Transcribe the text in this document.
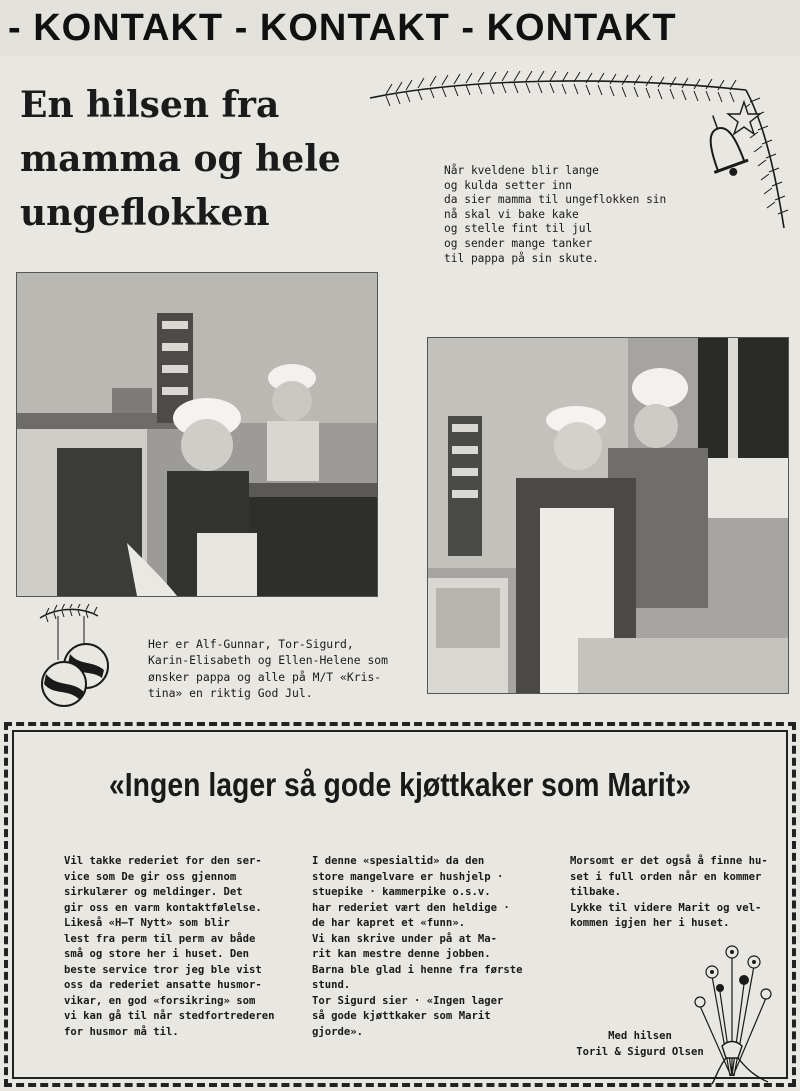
- KONTAKT - KONTAKT - KONTAKT
En hilsen fra
mamma og hele
ungeflokken
Når kveldene blir lange
og kulda setter inn
da sier mamma til ungeflokken sin
nå skal vi bake kake
og stelle fint til jul
og sender mange tanker
til pappa på sin skute.
Her er Alf-Gunnar, Tor-Sigurd,
Karin-Elisabeth og Ellen-Helene som
ønsker pappa og alle på M/T «Kris-
tina» en riktig God Jul.
«Ingen lager så gode kjøttkaker som Marit»
Vil takke rederiet for den ser-
vice som De gir oss gjennom
sirkulærer og meldinger. Det
gir oss en varm kontaktfølelse.
Likeså «H—T Nytt» som blir
lest fra perm til perm av både
små og store her i huset. Den
beste service tror jeg ble vist
oss da rederiet ansatte husmor-
vikar, en god «forsikring» som
vi kan gå til når stedfortrederen
for husmor må til.
I denne «spesialtid» da den
store mangelvare er hushjelp ·
stuepike · kammerpike o.s.v.
har rederiet vært den heldige ·
de har kapret et «funn».
Vi kan skrive under på at Ma-
rit kan mestre denne jobben.
Barna ble glad i henne fra første
stund.
Tor Sigurd sier · «Ingen lager
så gode kjøttkaker som Marit
gjorde».
Morsomt er det også å finne hu-
set i full orden når en kommer
tilbake.
Lykke til videre Marit og vel-
kommen igjen her i huset.
Med hilsen
Toril & Sigurd Olsen
